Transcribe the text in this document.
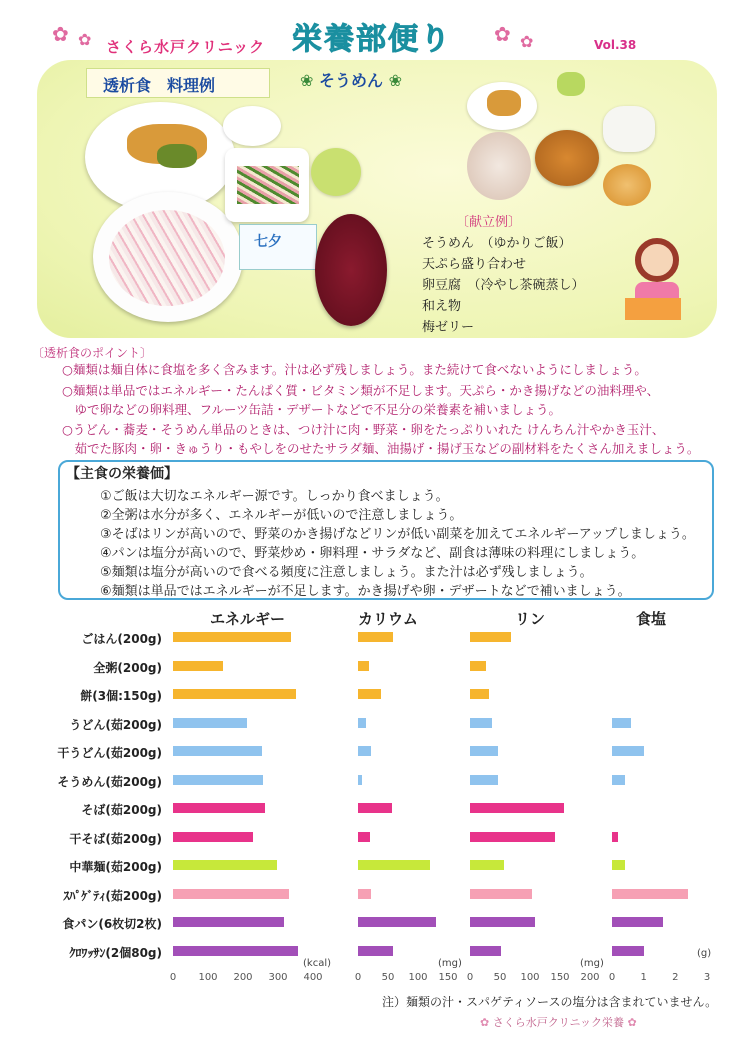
✿ ✿ さくら水戸クリニック 栄養部便り ✿ ✿	Vol.38
七夕
透析食　料理例	❀ そうめん ❀
〔献立例〕
そうめん　（ゆかりご飯）
天ぷら盛り合わせ
卵豆腐　（冷やし茶碗蒸し）
和え物
梅ゼリー
〔透析食のポイント〕
○麺類は麺自体に食塩を多く含みます。汁は必ず残しましょう。また続けて食べないようにしましょう。
○麺類は単品ではエネルギー・たんぱく質・ビタミン類が不足します。天ぷら・かき揚げなどの油料理や、
　ゆで卵などの卵料理、フルーツ缶詰・デザートなどで不足分の栄養素を補いましょう。
○うどん・蕎麦・そうめん単品のときは、つけ汁に肉・野菜・卵をたっぷりいれた けんちん汁やかき玉汁、
　茹でた豚肉・卵・きゅうり・もやしをのせたサラダ麺、油揚げ・揚げ玉などの副材料をたくさん加えましょう。
【主食の栄養価】
①ご飯は大切なエネルギー源です。しっかり食べましょう。
②全粥は水分が多く、エネルギーが低いので注意しましょう。
③そばはリンが高いので、野菜のかき揚げなどリンが低い副菜を加えてエネルギーアップしましょう。
④パンは塩分が高いので、野菜炒め・卵料理・サラダなど、副食は薄味の料理にしましょう。
⑤麺類は塩分が高いので食べる頻度に注意しましょう。また汁は必ず残しましょう。
⑥麺類は単品ではエネルギーが不足します。かき揚げや卵・デザートなどで補いましょう。
ごはん(200g)
全粥(200g)
餅(3個:150g)
うどん(茹200g)
干うどん(茹200g)
そうめん(茹200g)
そば(茹200g)
干そば(茹200g)
中華麺(茹200g)
ｽﾊﾟｹﾞﾃｨ(茹200g)
食パン(6枚切2枚)
ｸﾛﾜｯｻﾝ(2個80g)
エネルギー
0	100	200	300	400
(kcal)
カリウム
0	50	100	150
(mg)
リン
0	50	100	150	200
(mg)
食塩
0	1	2	3
(g)
注）麺類の汁・スパゲティソースの塩分は含まれていません。
✿ さくら水戸クリニック栄養 ✿
